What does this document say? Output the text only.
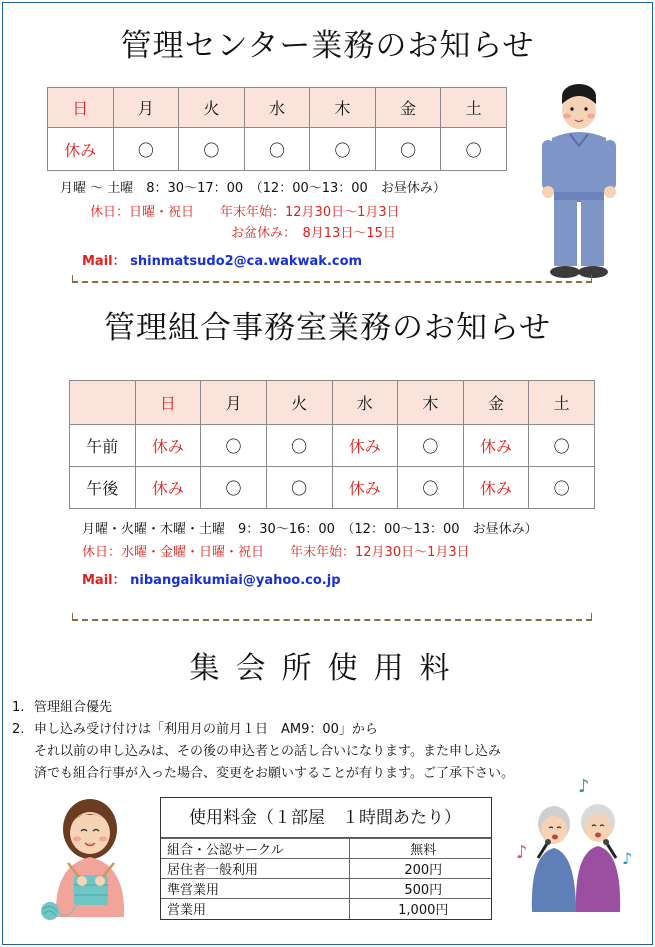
管理センター業務のお知らせ
日	月	火	水	木	金	土
休み	〇	〇	〇	〇	〇	〇
月曜 ～ 土曜　8：30～17：00　（12：00～13：00　お昼休み）
休日：日曜・祝日　　年末年始：12月30日～1月3日
お盆休み：　8月13日～15日
Mail： shinmatsudo2@ca.wakwak.com
管理組合事務室業務のお知らせ
	日	月	火	水	木	金	土
午前	休み	〇	〇	休み	〇	休み	〇
午後	休み	〇	〇	休み	〇	休み	〇
月曜・火曜・木曜・土曜　9：30～16：00　（12：00～13：00　お昼休み）
休日：水曜・金曜・日曜・祝日　　年末年始：12月30日～1月3日
Mail： nibangaikumiai@yahoo.co.jp
集会所使用料
1. 管理組合優先
2. 申し込み受け付けは「利用月の前月１日　AM9：00」から
それ以前の申し込みは、その後の申込者との話し合いになります。また申し込み
済でも組合行事が入った場合、変更をお願いすることが有ります。ご了承下さい。
使用料金（１部屋　１時間あたり）
組合・公認サークル	無料
居住者一般利用	200円
準営業用	500円
営業用	1,000円
♪
♪	♪
